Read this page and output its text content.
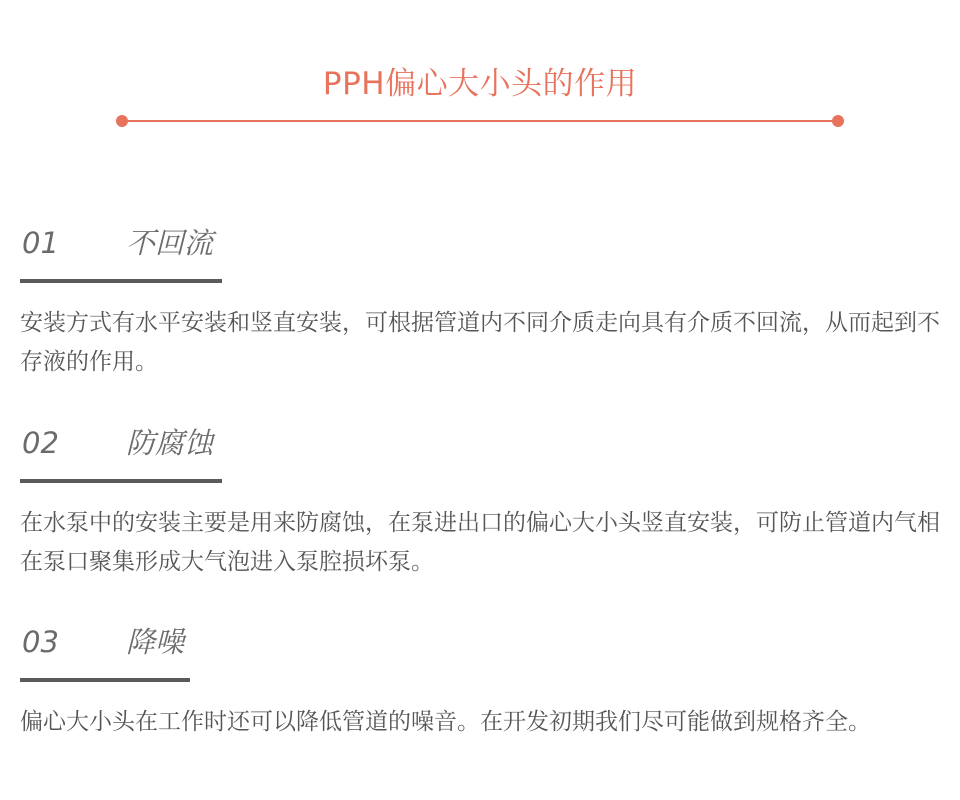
PPH偏心大小头的作用
01 不回流

安装方式有水平安装和竖直安装，可根据管道内不同介质走向具有介质不回流，从而起到不存液的作用。

02 防腐蚀

在水泵中的安装主要是用来防腐蚀，在泵进出口的偏心大小头竖直安装，可防止管道内气相在泵口聚集形成大气泡进入泵腔损坏泵。

03 降噪

偏心大小头在工作时还可以降低管道的噪音。在开发初期我们尽可能做到规格齐全。
